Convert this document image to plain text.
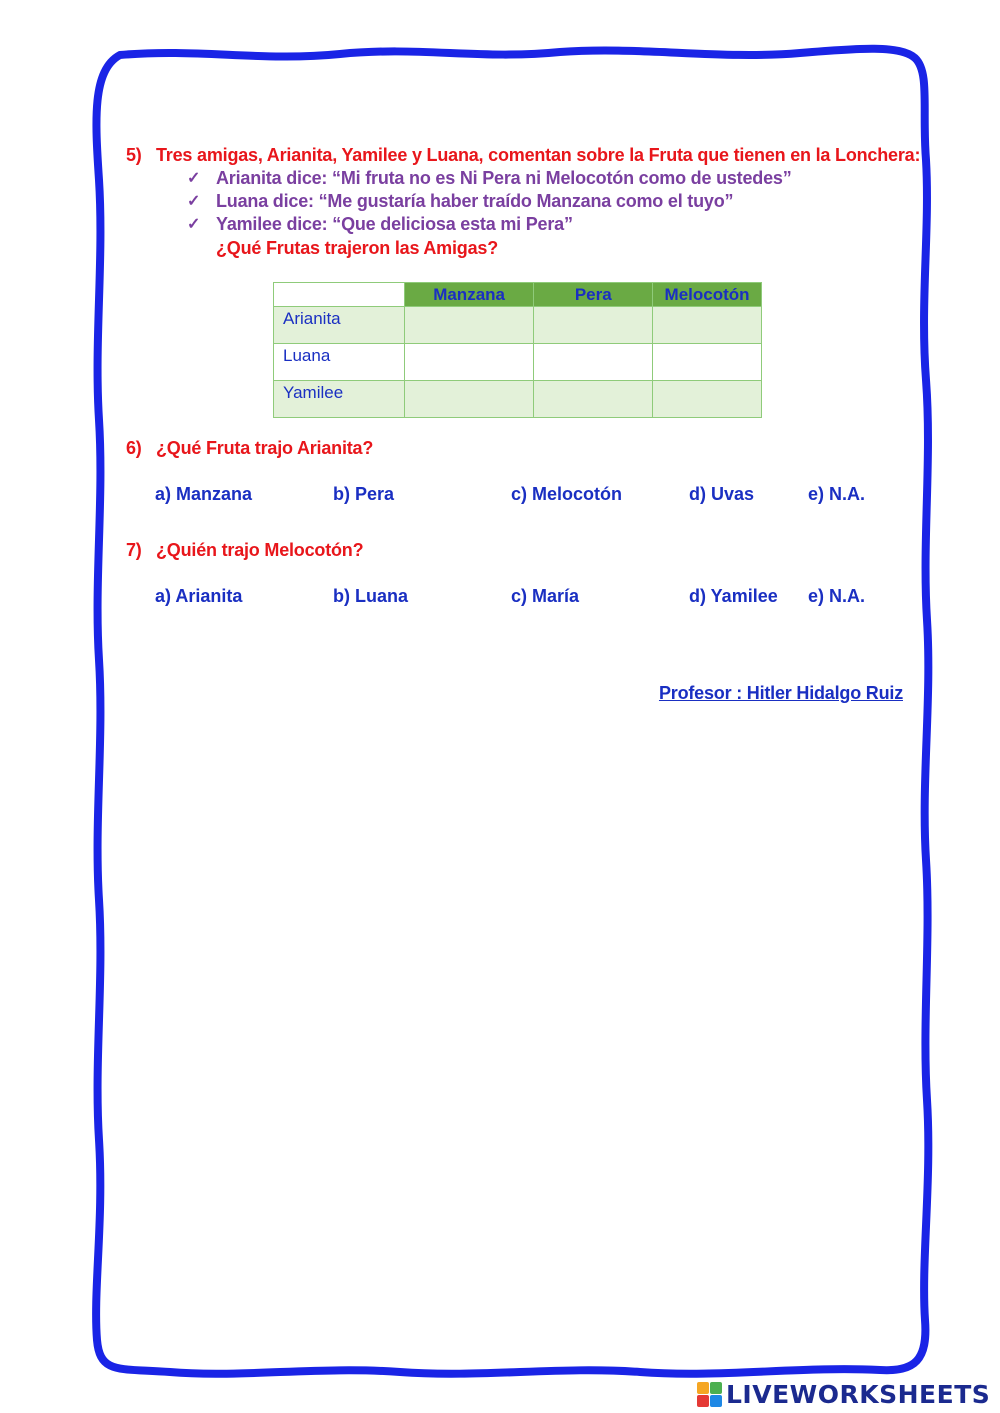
5) Tres amigas, Arianita, Yamilee y Luana, comentan sobre la Fruta que tienen en la Lonchera:
✓ Arianita dice: “Mi fruta no es Ni Pera ni Melocotón como de ustedes”
✓ Luana dice: “Me gustaría haber traído Manzana como el tuyo”
✓ Yamilee dice: “Que deliciosa esta mi Pera”
¿Qué Frutas trajeron las Amigas?
	Manzana	Pera	Melocotón
Arianita			
Luana			
Yamilee			
6) ¿Qué Fruta trajo Arianita?
a) Manzana	b) Pera	c) Melocotón	d) Uvas	e) N.A.
7) ¿Quién trajo Melocotón?
a) Arianita	b) Luana	c) María	d) Yamilee e) N.A.
Profesor : Hitler Hidalgo Ruiz
LIVEWORKSHEETS
